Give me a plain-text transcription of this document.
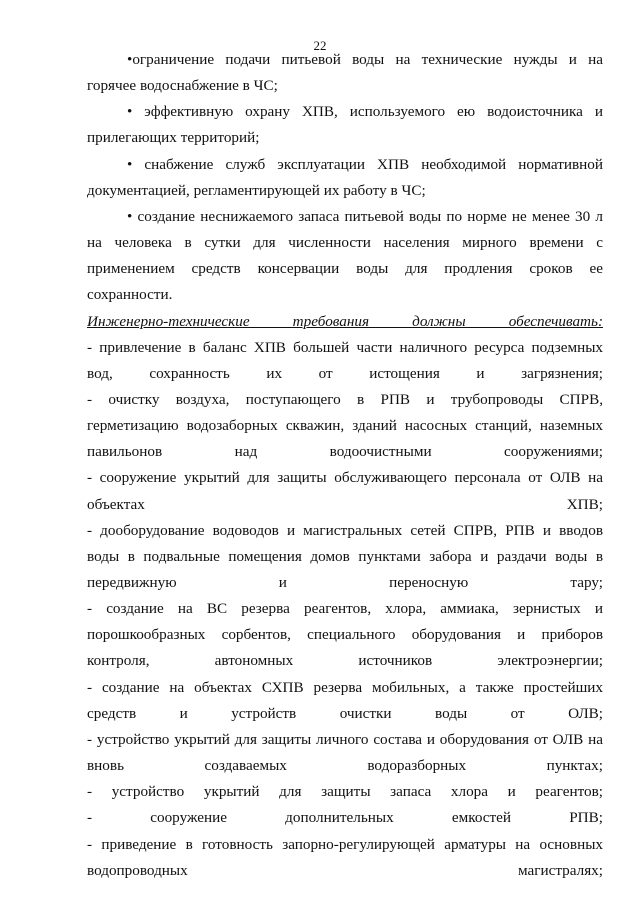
22
•ограничение подачи питьевой воды на технические нужды и на
горячее водоснабжение в ЧС;
• эффективную охрану ХПВ, используемого ею водоисточника и
прилегающих территорий;
• снабжение служб эксплуатации ХПВ необходимой нормативной
документацией, регламентирующей их работу в ЧС;
• создание неснижаемого запаса питьевой воды по норме не менее 30 л
на человека в сутки для численности населения мирного времени с
применением средств консервации воды для продления сроков ее
сохранности.
Инженерно-технические требования должны обеспечивать:
- привлечение в баланс ХПВ большей части наличного ресурса подземных
вод, сохранность их от истощения и загрязнения;
- очистку воздуха, поступающего в РПВ и трубопроводы СПРВ,
герметизацию водозаборных скважин, зданий насосных станций, наземных
павильонов над водоочистными сооружениями;
- сооружение укрытий для защиты обслуживающего персонала от ОЛВ на
объектах ХПВ;
- дооборудование водоводов и магистральных сетей СПРВ, РПВ и вводов
воды в подвальные помещения домов пунктами забора и раздачи воды в
передвижную и переносную тару;
- создание на ВС резерва реагентов, хлора, аммиака, зернистых и
порошкообразных сорбентов, специального оборудования и приборов
контроля, автономных источников электроэнергии;
- создание на объектах СХПВ резерва мобильных, а также простейших
средств и устройств очистки воды от ОЛВ;
- устройство укрытий для защиты личного состава и оборудования от ОЛВ на
вновь создаваемых водоразборных пунктах;
- устройство укрытий для защиты запаса хлора и реагентов;
- сооружение дополнительных емкостей РПВ;
- приведение в готовность запорно-регулирующей арматуры на основных
водопроводных магистралях;
